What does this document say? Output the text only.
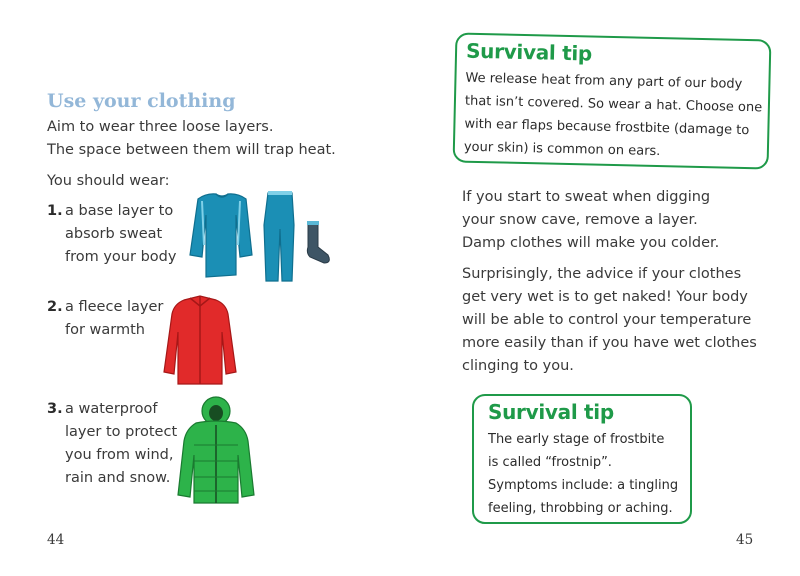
Use your clothing

Aim to wear three loose layers.

The space between them will trap heat.

You should wear:

1. a base layer to absorb sweat from your body
2. a fleece layer for warmth
3. a waterproof layer to protect you from wind, rain and snow.
44
Survival tip
We release heat from any part of our body
that isn’t covered. So wear a hat. Choose one
with ear flaps because frostbite (damage to
your skin) is common on ears.
If you start to sweat when digging
your snow cave, remove a layer.
Damp clothes will make you colder.
Surprisingly, the advice if your clothes
get very wet is to get naked! Your body
will be able to control your temperature
more easily than if you have wet clothes
clinging to you.
Survival tip
The early stage of frostbite
is called “frostnip”.
Symptoms include: a tingling
feeling, throbbing or aching.
45
